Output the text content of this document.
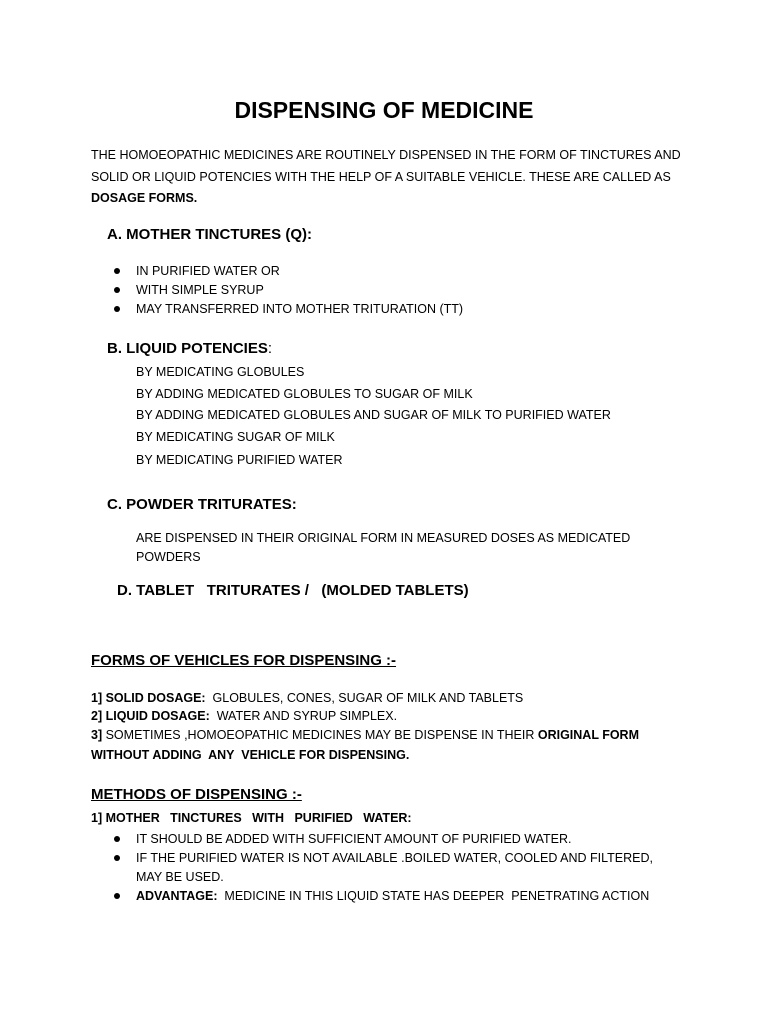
DISPENSING OF MEDICINE
THE HOMOEOPATHIC MEDICINES ARE ROUTINELY DISPENSED IN THE FORM OF TINCTURES AND
SOLID OR LIQUID POTENCIES WITH THE HELP OF A SUITABLE VEHICLE. THESE ARE CALLED AS
DOSAGE FORMS.
A. MOTHER TINCTURES (Q):
IN PURIFIED WATER OR
WITH SIMPLE SYRUP
MAY TRANSFERRED INTO MOTHER TRITURATION (TT)
B. LIQUID POTENCIES:
BY MEDICATING GLOBULES
BY ADDING MEDICATED GLOBULES TO SUGAR OF MILK
BY ADDING MEDICATED GLOBULES AND SUGAR OF MILK TO PURIFIED WATER
BY MEDICATING SUGAR OF MILK
BY MEDICATING PURIFIED WATER
C. POWDER TRITURATES:
ARE DISPENSED IN THEIR ORIGINAL FORM IN MEASURED DOSES AS MEDICATED
POWDERS
D. TABLET   TRITURATES /   (MOLDED TABLETS)
FORMS OF VEHICLES FOR DISPENSING :-
1] SOLID DOSAGE:  GLOBULES, CONES, SUGAR OF MILK AND TABLETS
2] LIQUID DOSAGE:  WATER AND SYRUP SIMPLEX.
3] SOMETIMES ,HOMOEOPATHIC MEDICINES MAY BE DISPENSE IN THEIR ORIGINAL FORM
WITHOUT ADDING  ANY  VEHICLE FOR DISPENSING.
METHODS OF DISPENSING :-
1] MOTHER   TINCTURES   WITH   PURIFIED   WATER:
IT SHOULD BE ADDED WITH SUFFICIENT AMOUNT OF PURIFIED WATER.
IF THE PURIFIED WATER IS NOT AVAILABLE .BOILED WATER, COOLED AND FILTERED,
MAY BE USED.
ADVANTAGE:  MEDICINE IN THIS LIQUID STATE HAS DEEPER  PENETRATING ACTION
